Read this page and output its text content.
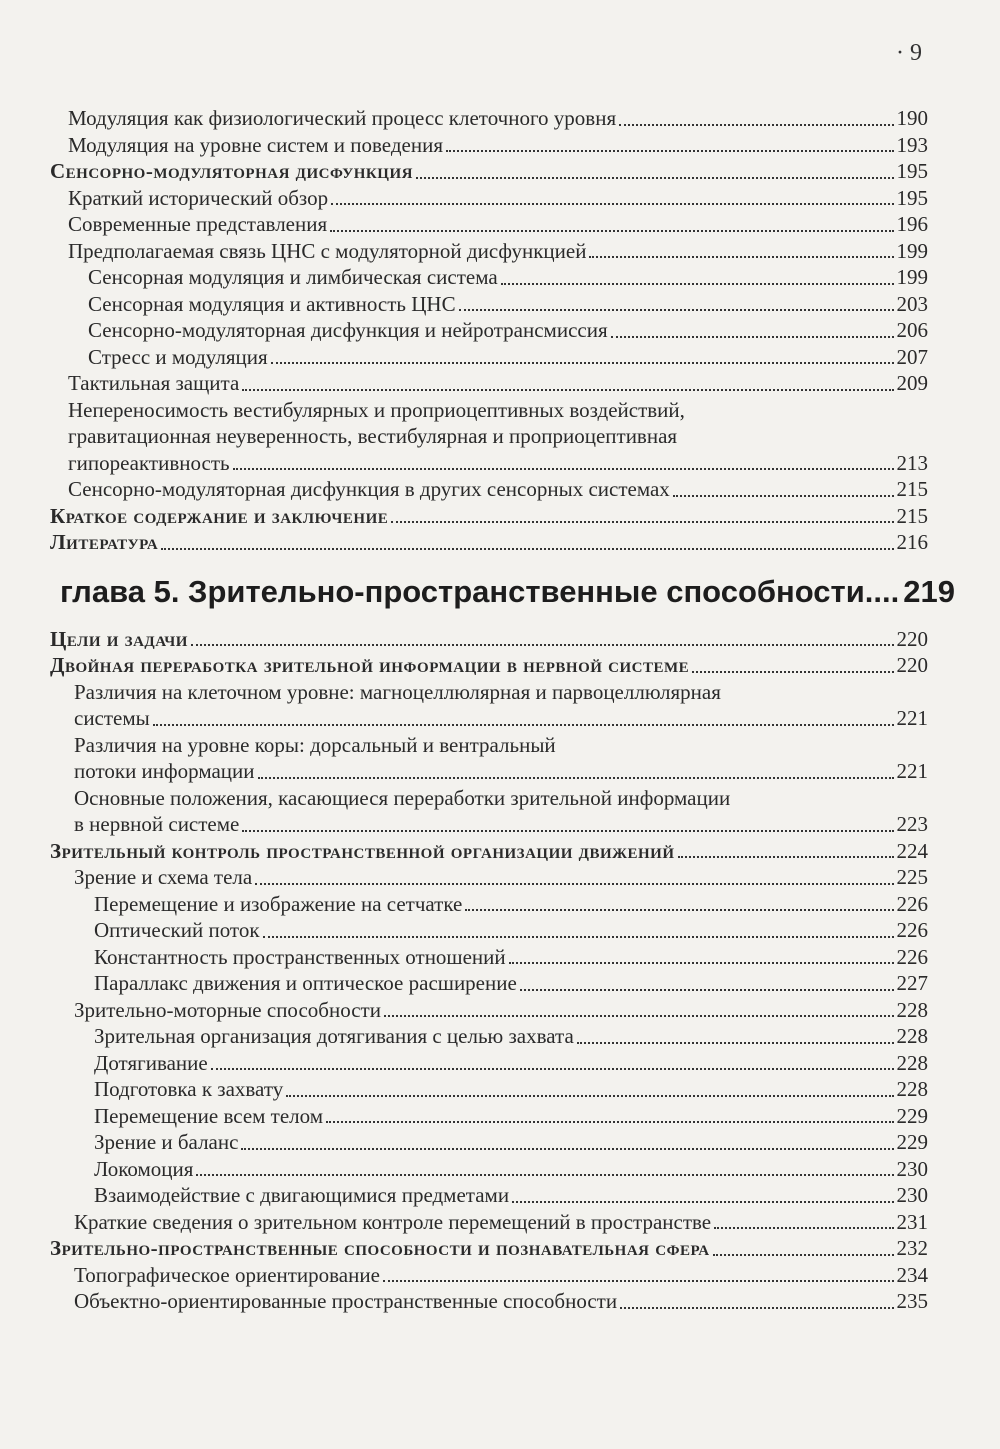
· 9
Модуляция как физиологический процесс клеточного уровня	190
Модуляция на уровне систем и поведения	193
Сенсорно-модуляторная дисфункция	195
Краткий исторический обзор	195
Современные представления	196
Предполагаемая связь ЦНС с модуляторной дисфункцией	199
Сенсорная модуляция и лимбическая система	199
Сенсорная модуляция и активность ЦНС	203
Сенсорно-модуляторная дисфункция и нейротрансмиссия	206
Стресс и модуляция	207
Тактильная защита	209
Непереносимость вестибулярных и проприоцептивных воздействий,
гравитационная неуверенность, вестибулярная и проприоцептивная
гипореактивность	213
Сенсорно-модуляторная дисфункция в других сенсорных системах	215
Краткое содержание и заключение	215
Литература	216
глава 5. Зрительно-пространственные способности.... 219
Цели и задачи	220
Двойная переработка зрительной информации в нервной системе	220
Различия на клеточном уровне: магноцеллюлярная и парвоцеллюлярная
системы	221
Различия на уровне коры: дорсальный и вентральный
потоки информации	221
Основные положения, касающиеся переработки зрительной информации
в нервной системе	223
Зрительный контроль пространственной организации движений	224
Зрение и схема тела	225
Перемещение и изображение на сетчатке	226
Оптический поток	226
Константность пространственных отношений	226
Параллакс движения и оптическое расширение	227
Зрительно-моторные способности	228
Зрительная организация дотягивания с целью захвата	228
Дотягивание	228
Подготовка к захвату	228
Перемещение всем телом	229
Зрение и баланс	229
Локомоция	230
Взаимодействие с двигающимися предметами	230
Краткие сведения о зрительном контроле перемещений в пространстве	231
Зрительно-пространственные способности и познавательная сфера	232
Топографическое ориентирование	234
Объектно-ориентированные пространственные способности	235
